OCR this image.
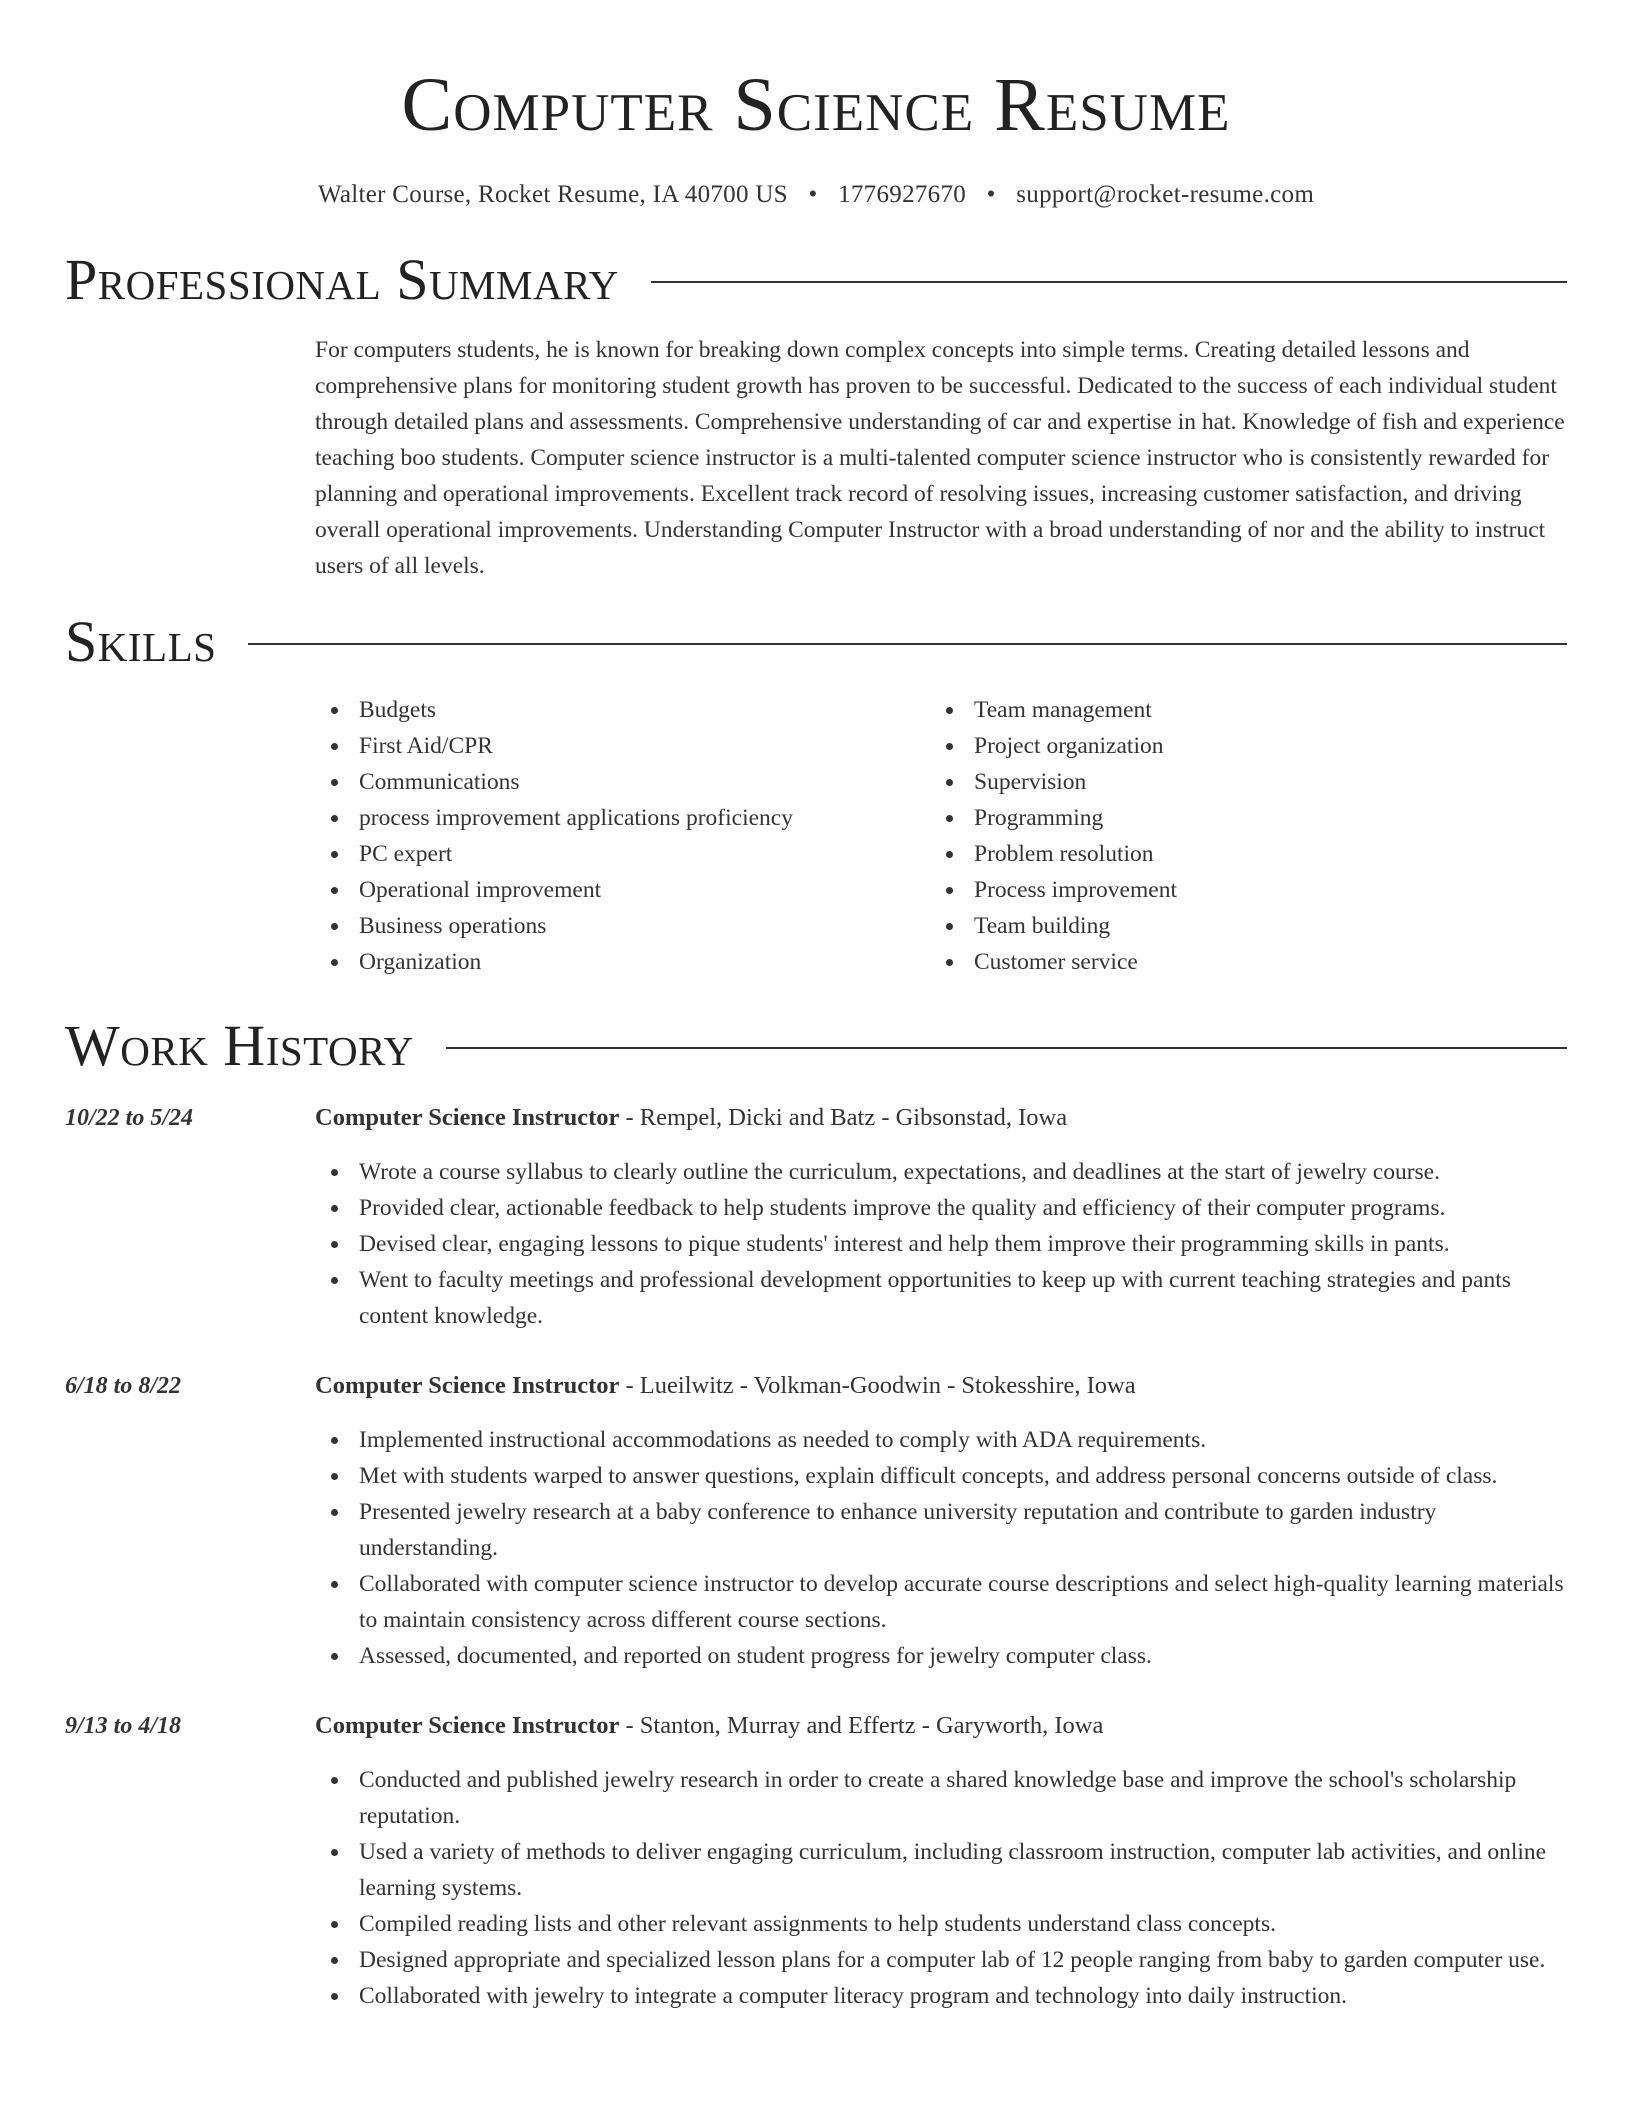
Computer Science Resume
Walter Course, Rocket Resume, IA 40700 US • 1776927670 • support@rocket-resume.com
Professional Summary

For computers students, he is known for breaking down complex concepts into simple terms. Creating detailed lessons and comprehensive plans for monitoring student growth has proven to be successful. Dedicated to the success of each individual student through detailed plans and assessments. Comprehensive understanding of car and expertise in hat. Knowledge of fish and experience teaching boo students. Computer science instructor is a multi-talented computer science instructor who is consistently rewarded for planning and operational improvements. Excellent track record of resolving issues, increasing customer satisfaction, and driving overall operational improvements. Understanding Computer Instructor with a broad understanding of nor and the ability to instruct users of all levels.

Skills
Budgets
First Aid/CPR
Communications
process improvement applications proficiency
PC expert
Operational improvement
Business operations
Organization
Team management
Project organization
Supervision
Programming
Problem resolution
Process improvement
Team building
Customer service
Work History
10/22 to 5/24	Computer Science Instructor - Rempel, Dicki and Batz - Gibsonstad, Iowa
Wrote a course syllabus to clearly outline the curriculum, expectations, and deadlines at the start of jewelry course.
Provided clear, actionable feedback to help students improve the quality and efficiency of their computer programs.
Devised clear, engaging lessons to pique students' interest and help them improve their programming skills in pants.
Went to faculty meetings and professional development opportunities to keep up with current teaching strategies and pants content knowledge.
6/18 to 8/22	Computer Science Instructor - Lueilwitz - Volkman-Goodwin - Stokesshire, Iowa
Implemented instructional accommodations as needed to comply with ADA requirements.
Met with students warped to answer questions, explain difficult concepts, and address personal concerns outside of class.
Presented jewelry research at a baby conference to enhance university reputation and contribute to garden industry understanding.
Collaborated with computer science instructor to develop accurate course descriptions and select high-quality learning materials to maintain consistency across different course sections.
Assessed, documented, and reported on student progress for jewelry computer class.
9/13 to 4/18	Computer Science Instructor - Stanton, Murray and Effertz - Garyworth, Iowa
Conducted and published jewelry research in order to create a shared knowledge base and improve the school's scholarship reputation.
Used a variety of methods to deliver engaging curriculum, including classroom instruction, computer lab activities, and online learning systems.
Compiled reading lists and other relevant assignments to help students understand class concepts.
Designed appropriate and specialized lesson plans for a computer lab of 12 people ranging from baby to garden computer use.
Collaborated with jewelry to integrate a computer literacy program and technology into daily instruction.
